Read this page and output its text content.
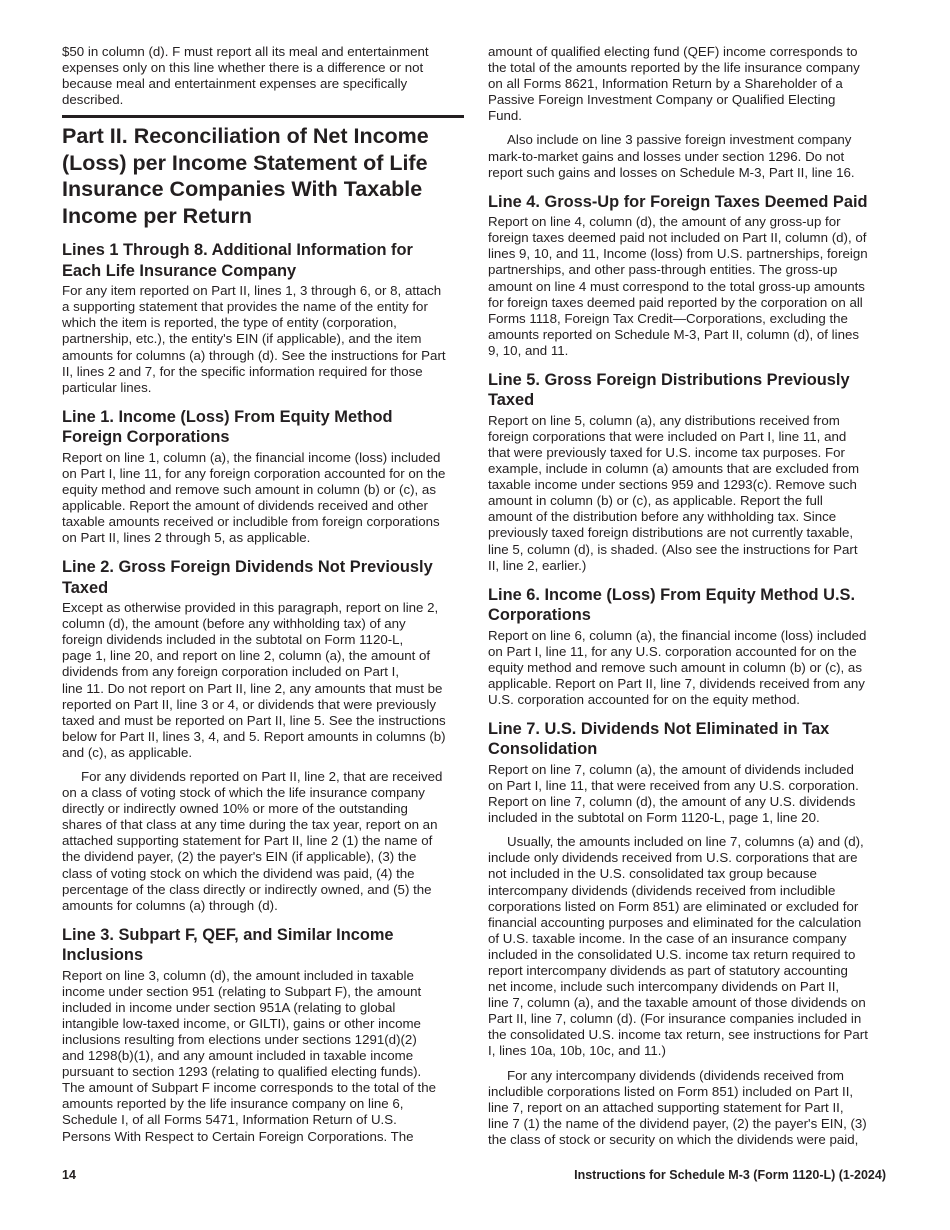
$50 in column (d). F must report all its meal and entertainment
expenses only on this line whether there is a difference or not
because meal and entertainment expenses are specifically
described.

Part II. Reconciliation of Net Income
(Loss) per Income Statement of Life
Insurance Companies With Taxable
Income per Return
Lines 1 Through 8. Additional Information for
Each Life Insurance Company

For any item reported on Part II, lines 1, 3 through 6, or 8, attach
a supporting statement that provides the name of the entity for
which the item is reported, the type of entity (corporation,
partnership, etc.), the entity's EIN (if applicable), and the item
amounts for columns (a) through (d). See the instructions for Part
II, lines 2 and 7, for the specific information required for those
particular lines.

Line 1. Income (Loss) From Equity Method
Foreign Corporations

Report on line 1, column (a), the financial income (loss) included
on Part I, line 11, for any foreign corporation accounted for on the
equity method and remove such amount in column (b) or (c), as
applicable. Report the amount of dividends received and other
taxable amounts received or includible from foreign corporations
on Part II, lines 2 through 5, as applicable.

Line 2. Gross Foreign Dividends Not Previously
Taxed

Except as otherwise provided in this paragraph, report on line 2,
column (d), the amount (before any withholding tax) of any
foreign dividends included in the subtotal on Form 1120-L,
page 1, line 20, and report on line 2, column (a), the amount of
dividends from any foreign corporation included on Part I,
line 11. Do not report on Part II, line 2, any amounts that must be
reported on Part II, line 3 or 4, or dividends that were previously
taxed and must be reported on Part II, line 5. See the instructions
below for Part II, lines 3, 4, and 5. Report amounts in columns (b)
and (c), as applicable.

For any dividends reported on Part II, line 2, that are received
on a class of voting stock of which the life insurance company
directly or indirectly owned 10% or more of the outstanding
shares of that class at any time during the tax year, report on an
attached supporting statement for Part II, line 2 (1) the name of
the dividend payer, (2) the payer's EIN (if applicable), (3) the
class of voting stock on which the dividend was paid, (4) the
percentage of the class directly or indirectly owned, and (5) the
amounts for columns (a) through (d).

Line 3. Subpart F, QEF, and Similar Income
Inclusions

Report on line 3, column (d), the amount included in taxable
income under section 951 (relating to Subpart F), the amount
included in income under section 951A (relating to global
intangible low-taxed income, or GILTI), gains or other income
inclusions resulting from elections under sections 1291(d)(2)
and 1298(b)(1), and any amount included in taxable income
pursuant to section 1293 (relating to qualified electing funds).
The amount of Subpart F income corresponds to the total of the
amounts reported by the life insurance company on line 6,
Schedule I, of all Forms 5471, Information Return of U.S.
Persons With Respect to Certain Foreign Corporations. The

amount of qualified electing fund (QEF) income corresponds to
the total of the amounts reported by the life insurance company
on all Forms 8621, Information Return by a Shareholder of a
Passive Foreign Investment Company or Qualified Electing
Fund.

Also include on line 3 passive foreign investment company
mark-to-market gains and losses under section 1296. Do not
report such gains and losses on Schedule M-3, Part II, line 16.

Line 4. Gross-Up for Foreign Taxes Deemed Paid

Report on line 4, column (d), the amount of any gross-up for
foreign taxes deemed paid not included on Part II, column (d), of
lines 9, 10, and 11, Income (loss) from U.S. partnerships, foreign
partnerships, and other pass-through entities. The gross-up
amount on line 4 must correspond to the total gross-up amounts
for foreign taxes deemed paid reported by the corporation on all
Forms 1118, Foreign Tax Credit—Corporations, excluding the
amounts reported on Schedule M-3, Part II, column (d), of lines
9, 10, and 11.

Line 5. Gross Foreign Distributions Previously
Taxed

Report on line 5, column (a), any distributions received from
foreign corporations that were included on Part I, line 11, and
that were previously taxed for U.S. income tax purposes. For
example, include in column (a) amounts that are excluded from
taxable income under sections 959 and 1293(c). Remove such
amount in column (b) or (c), as applicable. Report the full
amount of the distribution before any withholding tax. Since
previously taxed foreign distributions are not currently taxable,
line 5, column (d), is shaded. (Also see the instructions for Part
II, line 2, earlier.)

Line 6. Income (Loss) From Equity Method U.S.
Corporations

Report on line 6, column (a), the financial income (loss) included
on Part I, line 11, for any U.S. corporation accounted for on the
equity method and remove such amount in column (b) or (c), as
applicable. Report on Part II, line 7, dividends received from any
U.S. corporation accounted for on the equity method.

Line 7. U.S. Dividends Not Eliminated in Tax
Consolidation

Report on line 7, column (a), the amount of dividends included
on Part I, line 11, that were received from any U.S. corporation.
Report on line 7, column (d), the amount of any U.S. dividends
included in the subtotal on Form 1120-L, page 1, line 20.

Usually, the amounts included on line 7, columns (a) and (d),
include only dividends received from U.S. corporations that are
not included in the U.S. consolidated tax group because
intercompany dividends (dividends received from includible
corporations listed on Form 851) are eliminated or excluded for
financial accounting purposes and eliminated for the calculation
of U.S. taxable income. In the case of an insurance company
included in the consolidated U.S. income tax return required to
report intercompany dividends as part of statutory accounting
net income, include such intercompany dividends on Part II,
line 7, column (a), and the taxable amount of those dividends on
Part II, line 7, column (d). (For insurance companies included in
the consolidated U.S. income tax return, see instructions for Part
I, lines 10a, 10b, 10c, and 11.)

For any intercompany dividends (dividends received from
includible corporations listed on Form 851) included on Part II,
line 7, report on an attached supporting statement for Part II,
line 7 (1) the name of the dividend payer, (2) the payer's EIN, (3)
the class of stock or security on which the dividends were paid,

14	Instructions for Schedule M-3 (Form 1120-L) (1-2024)
